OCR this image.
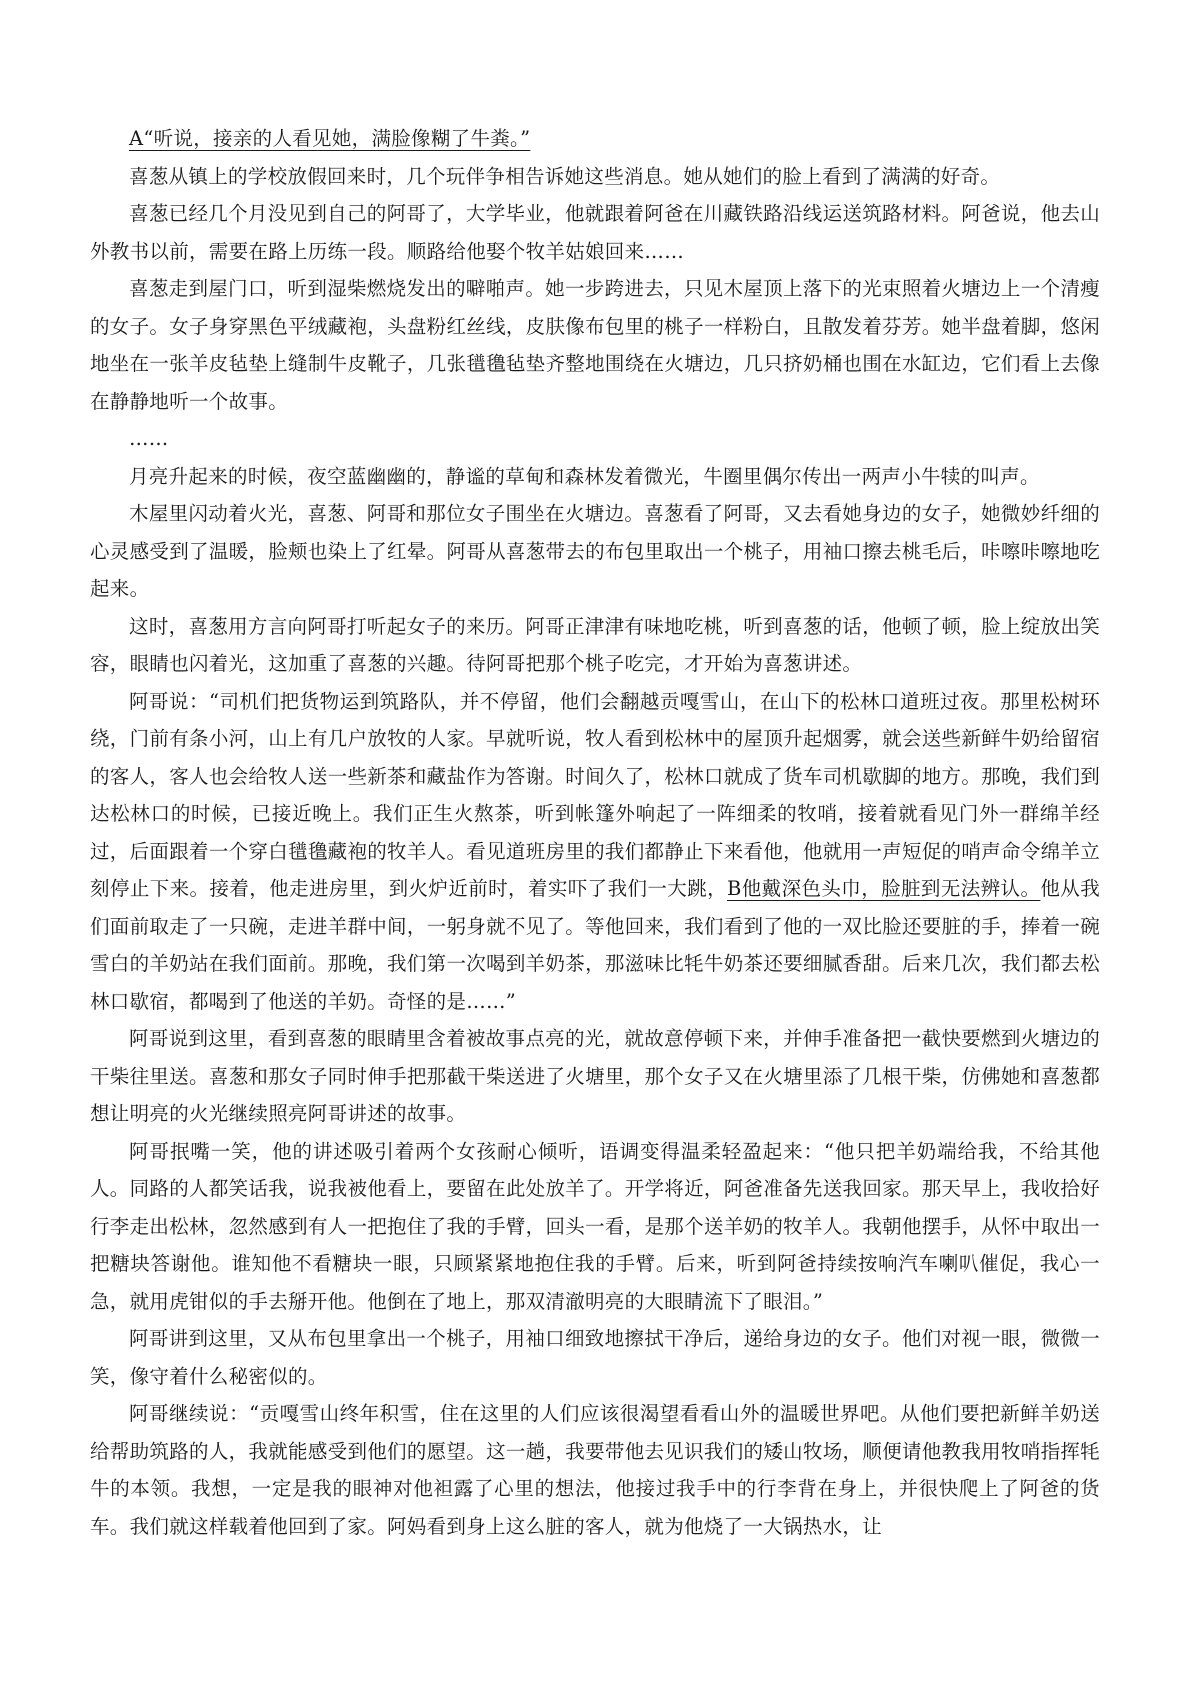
A“听说，接亲的人看见她，满脸像糊了牛粪。”

喜葱从镇上的学校放假回来时，几个玩伴争相告诉她这些消息。她从她们的脸上看到了满满的好奇。

喜葱已经几个月没见到自己的阿哥了，大学毕业，他就跟着阿爸在川藏铁路沿线运送筑路材料。阿爸说，他去山外教书以前，需要在路上历练一段。顺路给他娶个牧羊姑娘回来……

喜葱走到屋门口，听到湿柴燃烧发出的噼啪声。她一步跨进去，只见木屋顶上落下的光束照着火塘边上一个清瘦的女子。女子身穿黑色平绒藏袍，头盘粉红丝线，皮肤像布包里的桃子一样粉白，且散发着芬芳。她半盘着脚，悠闲地坐在一张羊皮毡垫上缝制牛皮靴子，几张氆氇毡垫齐整地围绕在火塘边，几只挤奶桶也围在水缸边，它们看上去像在静静地听一个故事。

……

月亮升起来的时候，夜空蓝幽幽的，静谧的草甸和森林发着微光，牛圈里偶尔传出一两声小牛犊的叫声。

木屋里闪动着火光，喜葱、阿哥和那位女子围坐在火塘边。喜葱看了阿哥，又去看她身边的女子，她微妙纤细的心灵感受到了温暖，脸颊也染上了红晕。阿哥从喜葱带去的布包里取出一个桃子，用袖口擦去桃毛后，咔嚓咔嚓地吃起来。

这时，喜葱用方言向阿哥打听起女子的来历。阿哥正津津有味地吃桃，听到喜葱的话，他顿了顿，脸上绽放出笑容，眼睛也闪着光，这加重了喜葱的兴趣。待阿哥把那个桃子吃完，才开始为喜葱讲述。

阿哥说：“司机们把货物运到筑路队，并不停留，他们会翻越贡嘎雪山，在山下的松林口道班过夜。那里松树环绕，门前有条小河，山上有几户放牧的人家。早就听说，牧人看到松林中的屋顶升起烟雾，就会送些新鲜牛奶给留宿的客人，客人也会给牧人送一些新茶和藏盐作为答谢。时间久了，松林口就成了货车司机歇脚的地方。那晚，我们到达松林口的时候，已接近晚上。我们正生火熬茶，听到帐篷外响起了一阵细柔的牧哨，接着就看见门外一群绵羊经过，后面跟着一个穿白氆氇藏袍的牧羊人。看见道班房里的我们都静止下来看他，他就用一声短促的哨声命令绵羊立刻停止下来。接着，他走进房里，到火炉近前时，着实吓了我们一大跳，B他戴深色头巾，脸脏到无法辨认。他从我们面前取走了一只碗，走进羊群中间，一躬身就不见了。等他回来，我们看到了他的一双比脸还要脏的手，捧着一碗雪白的羊奶站在我们面前。那晚，我们第一次喝到羊奶茶，那滋味比牦牛奶茶还要细腻香甜。后来几次，我们都去松林口歇宿，都喝到了他送的羊奶。奇怪的是……”

阿哥说到这里，看到喜葱的眼睛里含着被故事点亮的光，就故意停顿下来，并伸手准备把一截快要燃到火塘边的干柴往里送。喜葱和那女子同时伸手把那截干柴送进了火塘里，那个女子又在火塘里添了几根干柴，仿佛她和喜葱都想让明亮的火光继续照亮阿哥讲述的故事。

阿哥抿嘴一笑，他的讲述吸引着两个女孩耐心倾听，语调变得温柔轻盈起来：“他只把羊奶端给我，不给其他人。同路的人都笑话我，说我被他看上，要留在此处放羊了。开学将近，阿爸准备先送我回家。那天早上，我收拾好行李走出松林，忽然感到有人一把抱住了我的手臂，回头一看，是那个送羊奶的牧羊人。我朝他摆手，从怀中取出一把糖块答谢他。谁知他不看糖块一眼，只顾紧紧地抱住我的手臂。后来，听到阿爸持续按响汽车喇叭催促，我心一急，就用虎钳似的手去掰开他。他倒在了地上，那双清澈明亮的大眼睛流下了眼泪。”

阿哥讲到这里，又从布包里拿出一个桃子，用袖口细致地擦拭干净后，递给身边的女子。他们对视一眼，微微一笑，像守着什么秘密似的。

阿哥继续说：“贡嘎雪山终年积雪，住在这里的人们应该很渴望看看山外的温暖世界吧。从他们要把新鲜羊奶送给帮助筑路的人，我就能感受到他们的愿望。这一趟，我要带他去见识我们的矮山牧场，顺便请他教我用牧哨指挥牦牛的本领。我想，一定是我的眼神对他袒露了心里的想法，他接过我手中的行李背在身上，并很快爬上了阿爸的货车。我们就这样载着他回到了家。阿妈看到身上这么脏的客人，就为他烧了一大锅热水，让
